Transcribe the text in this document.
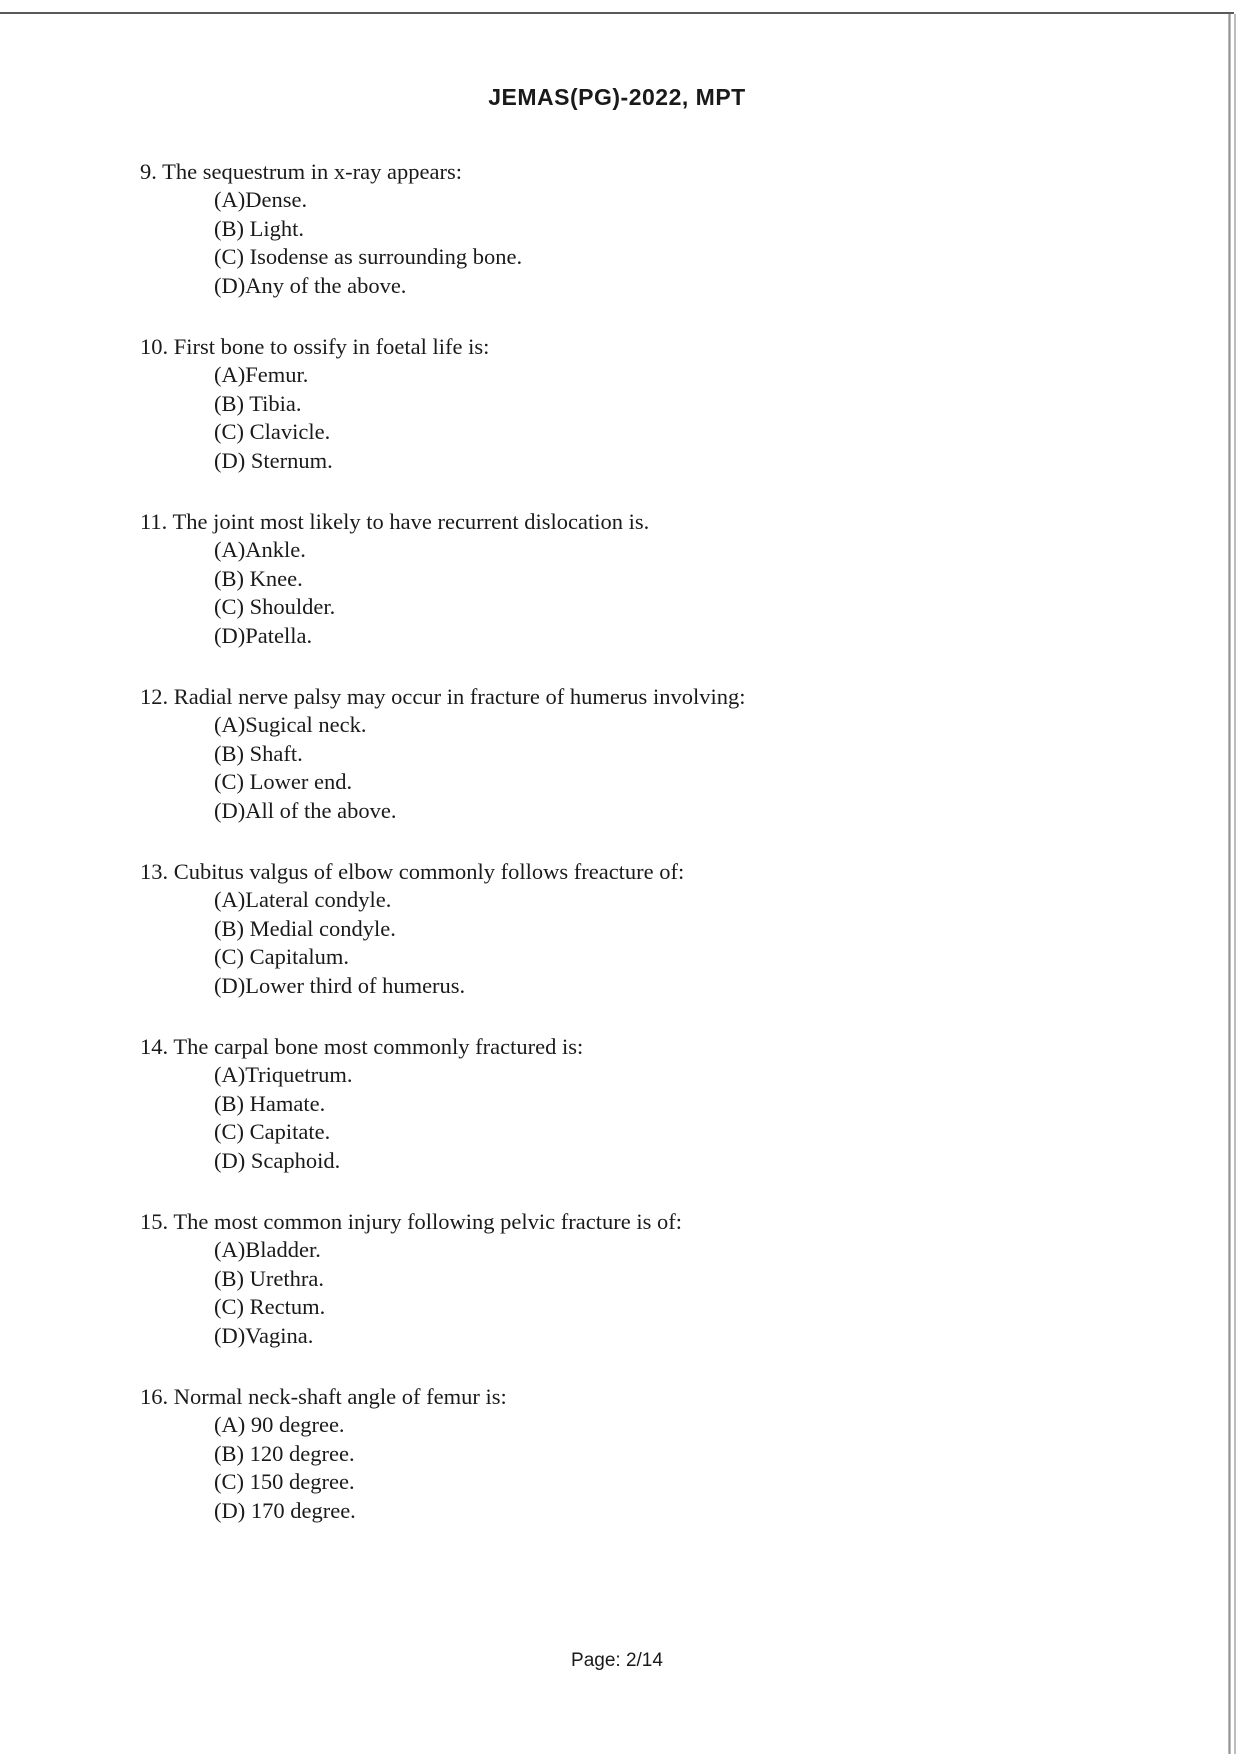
JEMAS(PG)-2022, MPT
9. The sequestrum in x-ray appears:
(A)Dense.
(B) Light.
(C) Isodense as surrounding bone.
(D)Any of the above.
10. First bone to ossify in foetal life is:
(A)Femur.
(B) Tibia.
(C) Clavicle.
(D) Sternum.
11. The joint most likely to have recurrent dislocation is.
(A)Ankle.
(B) Knee.
(C) Shoulder.
(D)Patella.
12. Radial nerve palsy may occur in fracture of humerus involving:
(A)Sugical neck.
(B) Shaft.
(C) Lower end.
(D)All of the above.
13. Cubitus valgus of elbow commonly follows freacture of:
(A)Lateral condyle.
(B) Medial condyle.
(C) Capitalum.
(D)Lower third of humerus.
14. The carpal bone most commonly fractured is:
(A)Triquetrum.
(B) Hamate.
(C) Capitate.
(D) Scaphoid.
15. The most common injury following pelvic fracture is of:
(A)Bladder.
(B) Urethra.
(C) Rectum.
(D)Vagina.
16. Normal neck-shaft angle of femur is:
(A) 90 degree.
(B) 120 degree.
(C) 150 degree.
(D) 170 degree.
Page: 2/14
